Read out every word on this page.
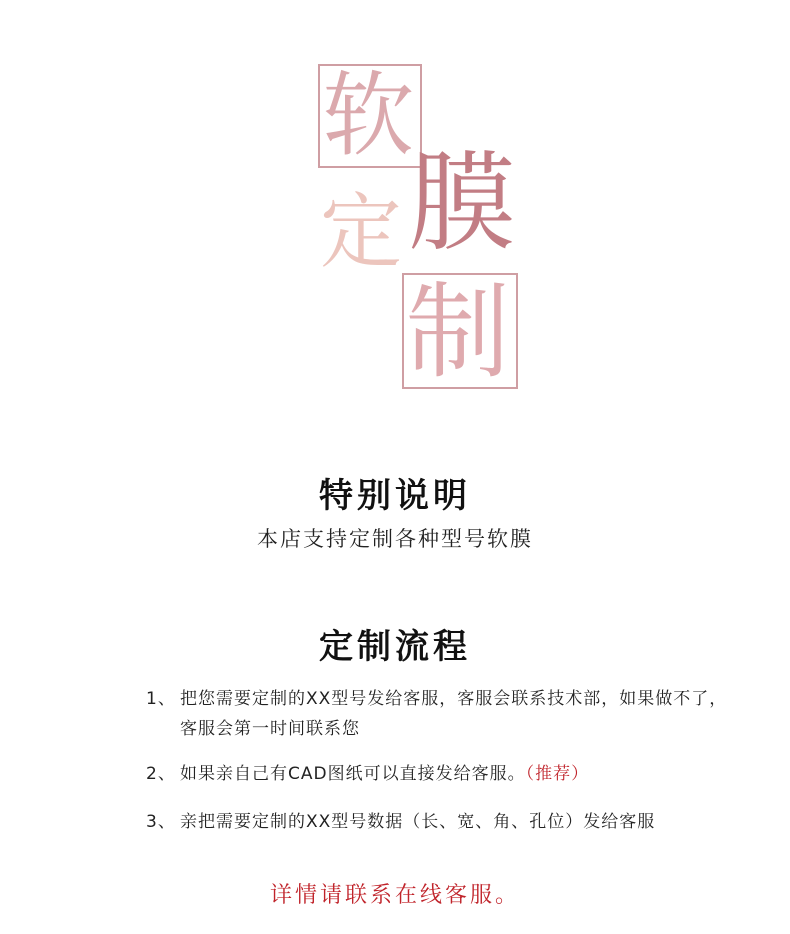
软
定 膜
制
特别说明
本店支持定制各种型号软膜
定制流程
1、 把您需要定制的XX型号发给客服，客服会联系技术部，如果做不了，客服会第一时间联系您
2、 如果亲自己有CAD图纸可以直接发给客服。（推荐）
3、 亲把需要定制的XX型号数据（长、宽、角、孔位）发给客服
详情请联系在线客服。
